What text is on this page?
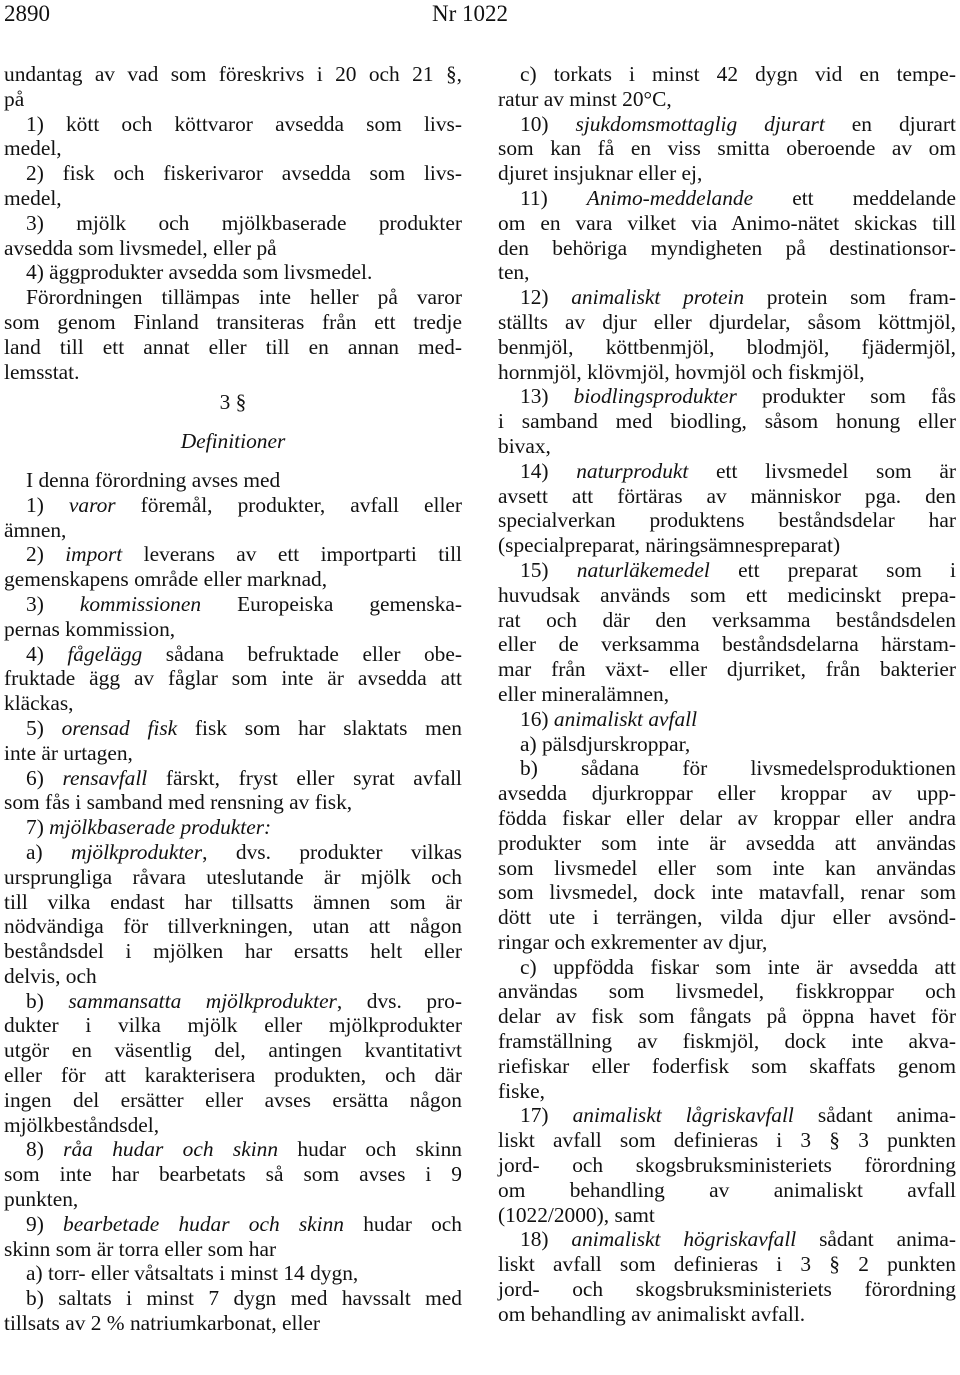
2890	Nr 1022
undantag av vad som föreskrivs i 20 och 21 §,
på
1) kött och köttvaror avsedda som livs-
medel,
2) fisk och fiskerivaror avsedda som livs-
medel,
3) mjölk och mjölkbaserade produkter
avsedda som livsmedel, eller på
4) äggprodukter avsedda som livsmedel.
Förordningen tillämpas inte heller på varor
som genom Finland transiteras från ett tredje
land till ett annat eller till en annan med-
lemsstat.
3 §
Definitioner
I denna förordning avses med
1) varor föremål, produkter, avfall eller
ämnen,
2) import leverans av ett importparti till
gemenskapens område eller marknad,
3) kommissionen Europeiska gemenska-
pernas kommission,
4) fågelägg sådana befruktade eller obe-
fruktade ägg av fåglar som inte är avsedda att
kläckas,
5) orensad fisk fisk som har slaktats men
inte är urtagen,
6) rensavfall färskt, fryst eller syrat avfall
som fås i samband med rensning av fisk,
7) mjölkbaserade produkter:
a) mjölkprodukter, dvs. produkter vilkas
ursprungliga råvara uteslutande är mjölk och
till vilka endast har tillsatts ämnen som är
nödvändiga för tillverkningen, utan att någon
beståndsdel i mjölken har ersatts helt eller
delvis, och
b) sammansatta mjölkprodukter, dvs. pro-
dukter i vilka mjölk eller mjölkprodukter
utgör en väsentlig del, antingen kvantitativt
eller för att karakterisera produkten, och där
ingen del ersätter eller avses ersätta någon
mjölkbeståndsdel,
8) råa hudar och skinn hudar och skinn
som inte har bearbetats så som avses i 9
punkten,
9) bearbetade hudar och skinn hudar och
skinn som är torra eller som har
a) torr- eller våtsaltats i minst 14 dygn,
b) saltats i minst 7 dygn med havssalt med
tillsats av 2 % natriumkarbonat, eller
c) torkats i minst 42 dygn vid en tempe-
ratur av minst 20°C,
10) sjukdomsmottaglig djurart en djurart
som kan få en viss smitta oberoende av om
djuret insjuknar eller ej,
11) Animo-meddelande ett meddelande
om en vara vilket via Animo-nätet skickas till
den behöriga myndigheten på destinationsor-
ten,
12) animaliskt protein protein som fram-
ställts av djur eller djurdelar, såsom köttmjöl,
benmjöl, köttbenmjöl, blodmjöl, fjädermjöl,
hornmjöl, klövmjöl, hovmjöl och fiskmjöl,
13) biodlingsprodukter produkter som fås
i samband med biodling, såsom honung eller
bivax,
14) naturprodukt ett livsmedel som är
avsett att förtäras av människor pga. den
specialverkan produktens beståndsdelar har
(specialpreparat, näringsämnespreparat)
15) naturläkemedel ett preparat som i
huvudsak används som ett medicinskt prepa-
rat och där den verksamma beståndsdelen
eller de verksamma beståndsdelarna härstam-
mar från växt- eller djurriket, från bakterier
eller mineralämnen,
16) animaliskt avfall
a) pälsdjurskroppar,
b) sådana för livsmedelsproduktionen
avsedda djurkroppar eller kroppar av upp-
födda fiskar eller delar av kroppar eller andra
produkter som inte är avsedda att användas
som livsmedel eller som inte kan användas
som livsmedel, dock inte matavfall, renar som
dött ute i terrängen, vilda djur eller avsönd-
ringar och exkrementer av djur,
c) uppfödda fiskar som inte är avsedda att
användas som livsmedel, fiskkroppar och
delar av fisk som fångats på öppna havet för
framställning av fiskmjöl, dock inte akva-
riefiskar eller foderfisk som skaffats genom
fiske,
17) animaliskt lågriskavfall sådant anima-
liskt avfall som definieras i 3 § 3 punkten
jord- och skogsbruksministeriets förordning
om behandling av animaliskt avfall
(1022/2000), samt
18) animaliskt högriskavfall sådant anima-
liskt avfall som definieras i 3 § 2 punkten
jord- och skogsbruksministeriets förordning
om behandling av animaliskt avfall.
